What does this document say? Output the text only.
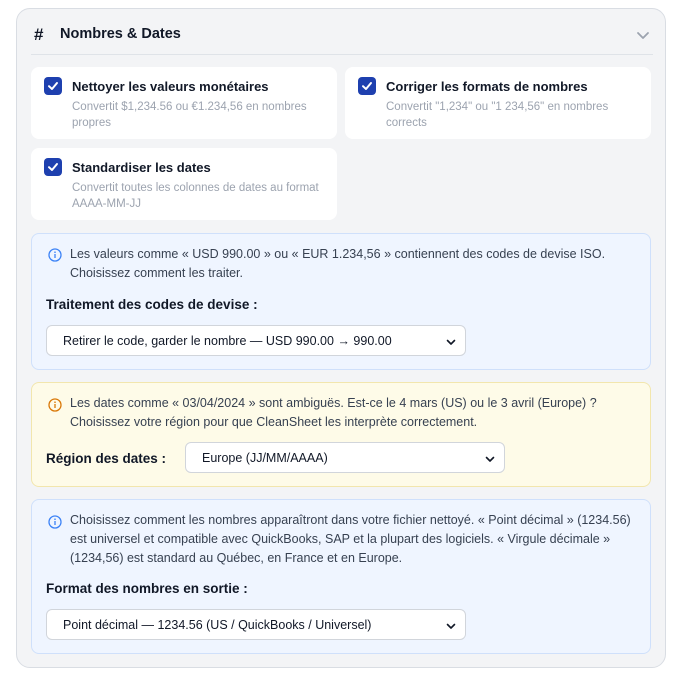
# Nombres & Dates
Nettoyer les valeurs monétaires
Convertit $1,234.56 ou €1.234,56 en nombres propres
Corriger les formats de nombres
Convertit "1,234" ou "1 234,56" en nombres corrects
Standardiser les dates
Convertit toutes les colonnes de dates au format AAAA-MM-JJ
Les valeurs comme « USD 990.00 » ou « EUR 1.234,56 » contiennent des codes de devise ISO. Choisissez comment les traiter.
Traitement des codes de devise :
Retirer le code, garder le nombre — USD 990.00 → 990.00
Les dates comme « 03/04/2024 » sont ambiguës. Est-ce le 4 mars (US) ou le 3 avril (Europe) ? Choisissez votre région pour que CleanSheet les interprète correctement.
Région des dates :	Europe (JJ/MM/AAAA)
Choisissez comment les nombres apparaîtront dans votre fichier nettoyé. « Point décimal » (1234.56) est universel et compatible avec QuickBooks, SAP et la plupart des logiciels. « Virgule décimale » (1234,56) est standard au Québec, en France et en Europe.
Format des nombres en sortie :
Point décimal — 1234.56 (US / QuickBooks / Universel)
